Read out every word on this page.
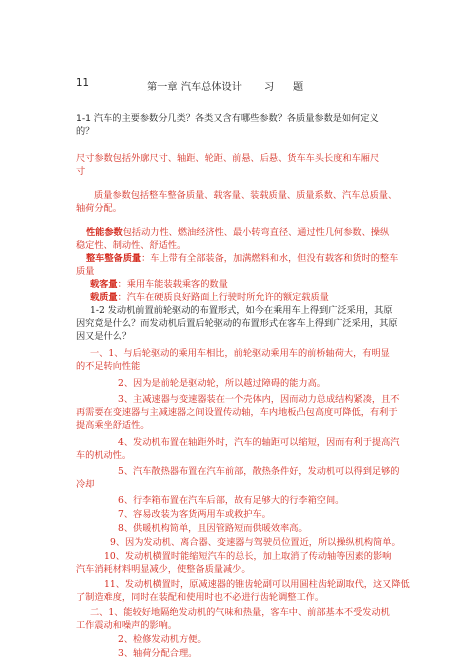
11	第一章 汽车总体设计 习 题
1-1 汽车的主要参数分几类？各类又含有哪些参数？各质量参数是如何定义
的？
尺寸参数包括外廓尺寸、轴距、轮距、前悬、后悬、货车车头长度和车厢尺
寸
质量参数包括整车整备质量、载客量、装载质量、质量系数、汽车总质量、
轴荷分配。
性能参数包括动力性、燃油经济性、最小转弯直径、通过性几何参数、操纵
稳定性、制动性、舒适性。
整车整备质量：车上带有全部装备，加满燃料和水，但没有载客和货时的整车
质量
载客量：乘用车能装载乘客的数量
载质量：汽车在硬质良好路面上行驶时所允许的额定载质量
1-2 发动机前置前轮驱动的布置形式，如今在乘用车上得到广泛采用，其原
因究竟是什么？而发动机后置后轮驱动的布置形式在客车上得到广泛采用，其原
因又是什么？
一、1、与后轮驱动的乘用车相比，前轮驱动乘用车的前桥轴荷大，有明显
的不足转向性能
2、因为是前轮是驱动轮，所以越过障碍的能力高。
3、主减速器与变速器装在一个壳体内，因而动力总成结构紧凑，且不
再需要在变速器与主减速器之间设置传动轴，车内地板凸包高度可降低，有利于
提高乘坐舒适性。
4、发动机布置在轴距外时，汽车的轴距可以缩短，因而有利于提高汽
车的机动性。
5、汽车散热器布置在汽车前部，散热条件好，发动机可以得到足够的
冷却
6、行李箱布置在汽车后部，故有足够大的行李箱空间。
7、容易改装为客货两用车或救护车。
8、供暖机构简单，且因管路短而供暖效率高。
9、因为发动机、离合器、变速器与驾驶员位置近，所以操纵机构简单。
10、发动机横置时能缩短汽车的总长，加上取消了传动轴等因素的影响
汽车消耗材料明显减少，使整备质量减少。
11、发动机横置时，原减速器的锥齿轮副可以用圆柱齿轮副取代，这又降低
了制造难度，同时在装配和使用时也不必进行齿轮调整工作。
二、1、能较好地隔绝发动机的气味和热量，客车中、前部基本不受发动机
工作震动和噪声的影响。
2、检修发动机方便。
3、轴荷分配合理。
